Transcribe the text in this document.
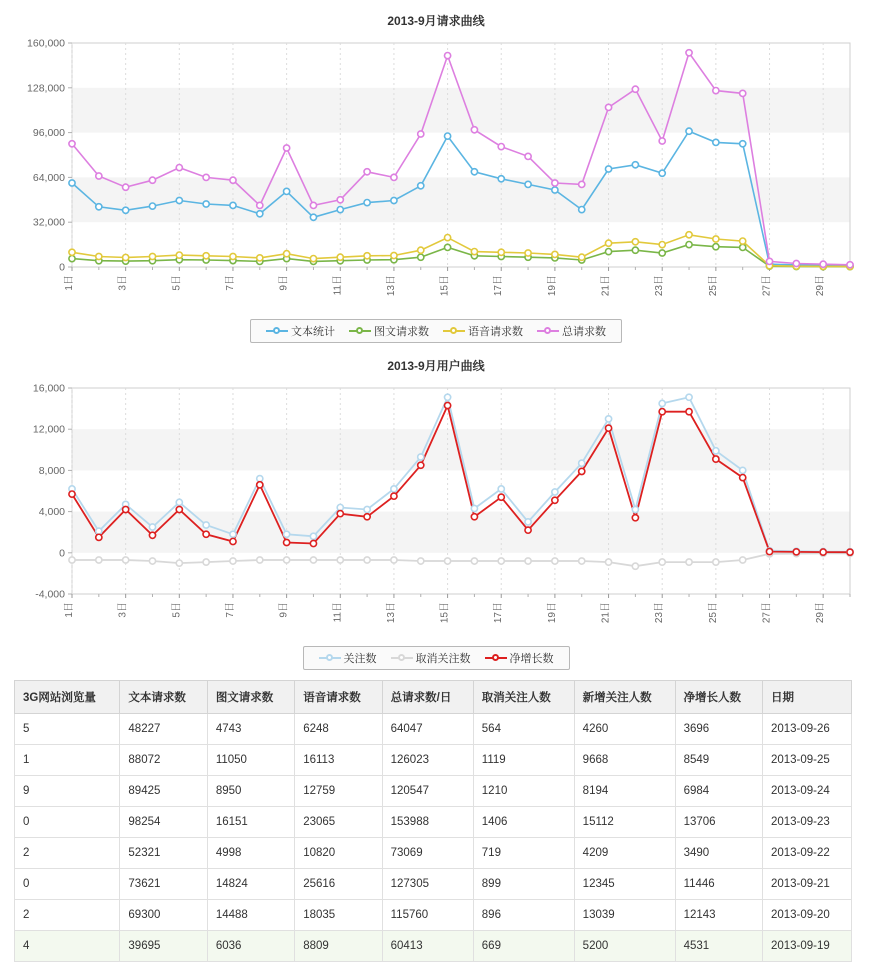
2013-9月请求曲线
0
32,000
64,000
96,000
128,000
160,000
1日	3日	5日	7日	9日	11日	13日	15日	17日	19日	21日	23日	25日	27日	29日
文本统计	图文请求数	语音请求数	总请求数
2013-9月用户曲线
-4,000
0
4,000
8,000
12,000
16,000
1日	3日	5日	7日	9日	11日	13日	15日	17日	19日	21日	23日	25日	27日	29日
关注数	取消关注数	净增长数
3G网站浏览量	文本请求数	图文请求数	语音请求数	总请求数/日	取消关注人数	新增关注人数	净增长人数	日期
5	48227	4743	6248	64047	564	4260	3696	2013-09-26
1	88072	11050	16113	126023	1119	9668	8549	2013-09-25
9	89425	8950	12759	120547	1210	8194	6984	2013-09-24
0	98254	16151	23065	153988	1406	15112	13706	2013-09-23
2	52321	4998	10820	73069	719	4209	3490	2013-09-22
0	73621	14824	25616	127305	899	12345	11446	2013-09-21
2	69300	14488	18035	115760	896	13039	12143	2013-09-20
4	39695	6036	8809	60413	669	5200	4531	2013-09-19
